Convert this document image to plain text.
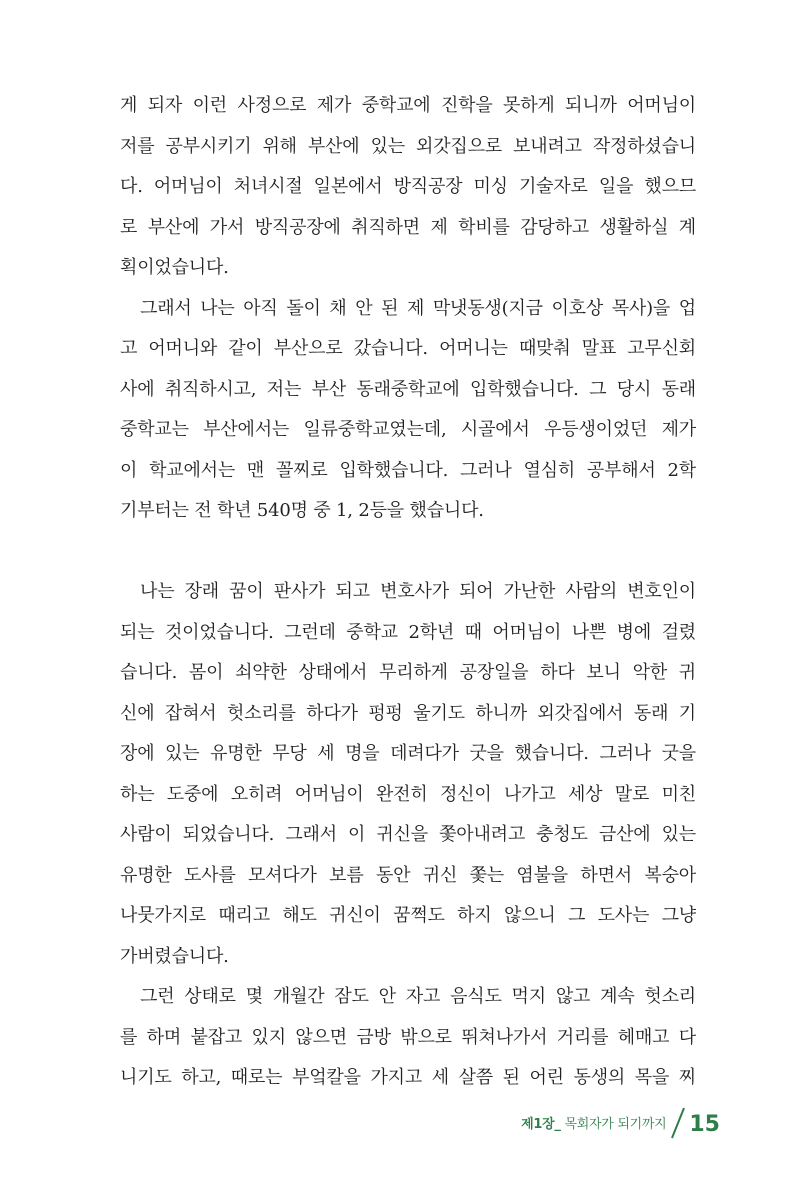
게 되자 이런 사정으로 제가 중학교에 진학을 못하게 되니까 어머님이
저를 공부시키기 위해 부산에 있는 외갓집으로 보내려고 작정하셨습니
다. 어머님이 처녀시절 일본에서 방직공장 미싱 기술자로 일을 했으므
로 부산에 가서 방직공장에 취직하면 제 학비를 감당하고 생활하실 계
획이었습니다.
그래서 나는 아직 돌이 채 안 된 제 막냇동생(지금 이호상 목사)을 업
고 어머니와 같이 부산으로 갔습니다. 어머니는 때맞춰 말표 고무신회
사에 취직하시고, 저는 부산 동래중학교에 입학했습니다. 그 당시 동래
중학교는 부산에서는 일류중학교였는데, 시골에서 우등생이었던 제가
이 학교에서는 맨 꼴찌로 입학했습니다. 그러나 열심히 공부해서 2학
기부터는 전 학년 540명 중 1, 2등을 했습니다.
나는 장래 꿈이 판사가 되고 변호사가 되어 가난한 사람의 변호인이
되는 것이었습니다. 그런데 중학교 2학년 때 어머님이 나쁜 병에 걸렸
습니다. 몸이 쇠약한 상태에서 무리하게 공장일을 하다 보니 악한 귀
신에 잡혀서 헛소리를 하다가 펑펑 울기도 하니까 외갓집에서 동래 기
장에 있는 유명한 무당 세 명을 데려다가 굿을 했습니다. 그러나 굿을
하는 도중에 오히려 어머님이 완전히 정신이 나가고 세상 말로 미친
사람이 되었습니다. 그래서 이 귀신을 쫓아내려고 충청도 금산에 있는
유명한 도사를 모셔다가 보름 동안 귀신 쫓는 염불을 하면서 복숭아
나뭇가지로 때리고 해도 귀신이 꿈쩍도 하지 않으니 그 도사는 그냥
가버렸습니다.
그런 상태로 몇 개월간 잠도 안 자고 음식도 먹지 않고 계속 헛소리
를 하며 붙잡고 있지 않으면 금방 밖으로 뛰쳐나가서 거리를 헤매고 다
니기도 하고, 때로는 부엌칼을 가지고 세 살쯤 된 어린 동생의 목을 찌
제1장_ 목회자가 되기까지 15
